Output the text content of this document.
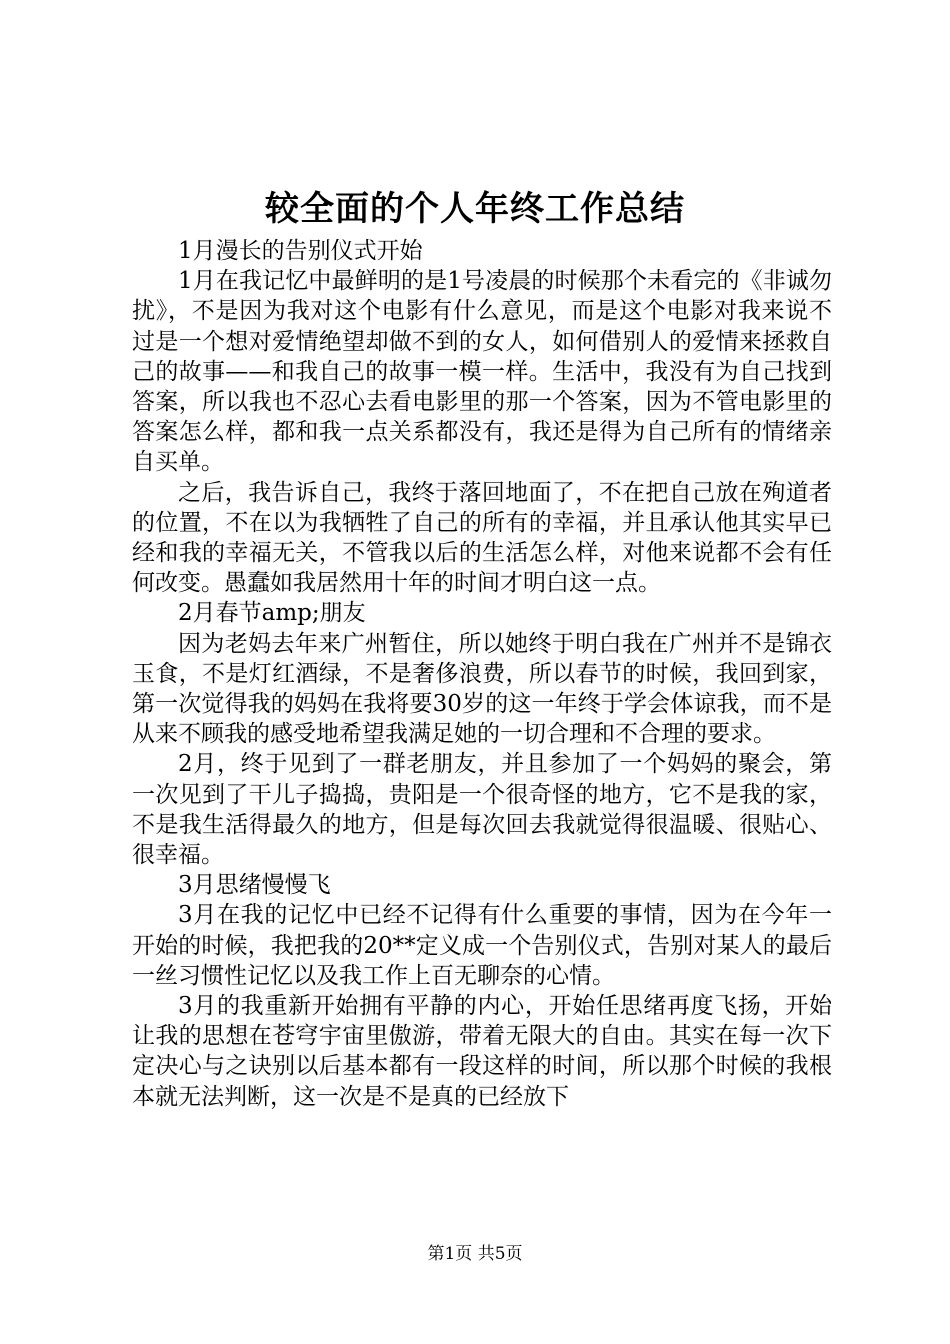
较全面的个人年终工作总结

1月漫长的告别仪式开始

1月在我记忆中最鲜明的是1号凌晨的时候那个未看完的《非诚勿扰》，不是因为我对这个电影有什么意见，而是这个电影对我来说不过是一个想对爱情绝望却做不到的女人，如何借别人的爱情来拯救自己的故事——和我自己的故事一模一样。生活中，我没有为自己找到答案，所以我也不忍心去看电影里的那一个答案，因为不管电影里的答案怎么样，都和我一点关系都没有，我还是得为自己所有的情绪亲自买单。

之后，我告诉自己，我终于落回地面了，不在把自己放在殉道者的位置，不在以为我牺牲了自己的所有的幸福，并且承认他其实早已经和我的幸福无关，不管我以后的生活怎么样，对他来说都不会有任何改变。愚蠢如我居然用十年的时间才明白这一点。

2月春节amp;朋友

因为老妈去年来广州暂住，所以她终于明白我在广州并不是锦衣玉食，不是灯红酒绿，不是奢侈浪费，所以春节的时候，我回到家，第一次觉得我的妈妈在我将要30岁的这一年终于学会体谅我，而不是从来不顾我的感受地希望我满足她的一切合理和不合理的要求。

2月，终于见到了一群老朋友，并且参加了一个妈妈的聚会，第一次见到了干儿子捣捣，贵阳是一个很奇怪的地方，它不是我的家，不是我生活得最久的地方，但是每次回去我就觉得很温暖、很贴心、很幸福。

3月思绪慢慢飞

3月在我的记忆中已经不记得有什么重要的事情，因为在今年一开始的时候，我把我的20**定义成一个告别仪式，告别对某人的最后一丝习惯性记忆以及我工作上百无聊奈的心情。

3月的我重新开始拥有平静的内心，开始任思绪再度飞扬，开始让我的思想在苍穹宇宙里傲游，带着无限大的自由。其实在每一次下定决心与之诀别以后基本都有一段这样的时间，所以那个时候的我根本就无法判断，这一次是不是真的已经放下

第1页 共5页
